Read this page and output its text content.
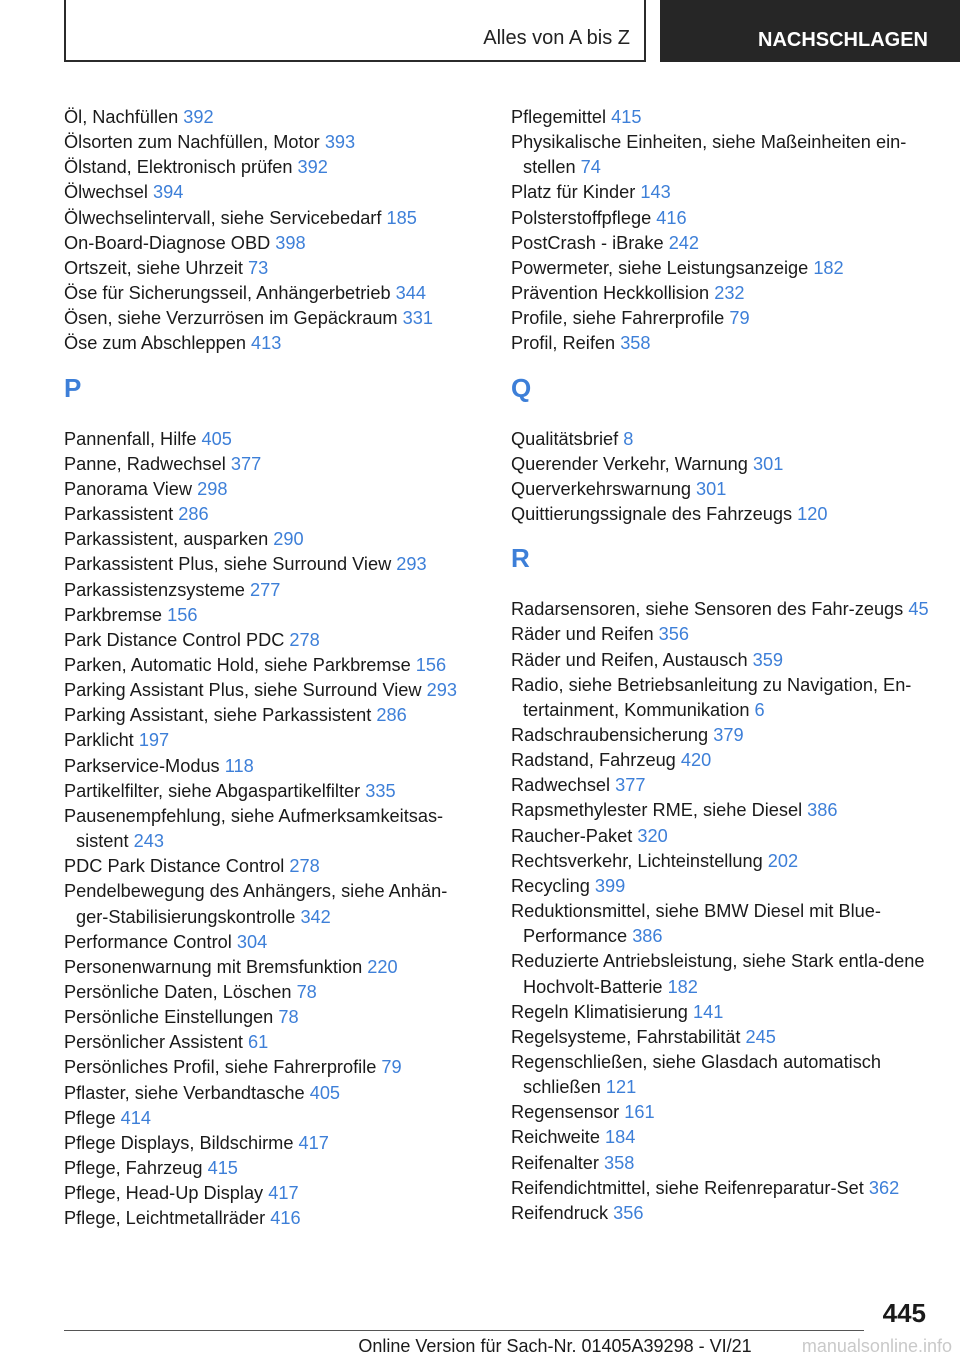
Alles von A bis Z	NACHSCHLAGEN
Öl, Nachfüllen 392
Ölsorten zum Nachfüllen, Motor 393
Ölstand, Elektronisch prüfen 392
Ölwechsel 394
Ölwechselintervall, siehe Servicebedarf 185
On-Board-Diagnose OBD 398
Ortszeit, siehe Uhrzeit 73
Öse für Sicherungsseil, Anhängerbetrieb 344
Ösen, siehe Verzurrösen im Gepäckraum 331
Öse zum Abschleppen 413
P
Pannenfall, Hilfe 405
Panne, Radwechsel 377
Panorama View 298
Parkassistent 286
Parkassistent, ausparken 290
Parkassistent Plus, siehe Surround View 293
Parkassistenzsysteme 277
Parkbremse 156
Park Distance Control PDC 278
Parken, Automatic Hold, siehe Parkbremse 156
Parking Assistant Plus, siehe Surround View 293
Parking Assistant, siehe Parkassistent 286
Parklicht 197
Parkservice-Modus 118
Partikelfilter, siehe Abgaspartikelfilter 335
Pausenempfehlung, siehe Aufmerksamkeitsas-sistent 243
PDC Park Distance Control 278
Pendelbewegung des Anhängers, siehe Anhän-ger-Stabilisierungskontrolle 342
Performance Control 304
Personenwarnung mit Bremsfunktion 220
Persönliche Daten, Löschen 78
Persönliche Einstellungen 78
Persönlicher Assistent 61
Persönliches Profil, siehe Fahrerprofile 79
Pflaster, siehe Verbandtasche 405
Pflege 414
Pflege Displays, Bildschirme 417
Pflege, Fahrzeug 415
Pflege, Head-Up Display 417
Pflege, Leichtmetallräder 416
Pflegemittel 415
Physikalische Einheiten, siehe Maßeinheiten ein-stellen 74
Platz für Kinder 143
Polsterstoffpflege 416
PostCrash - iBrake 242
Powermeter, siehe Leistungsanzeige 182
Prävention Heckkollision 232
Profile, siehe Fahrerprofile 79
Profil, Reifen 358
Q
Qualitätsbrief 8
Querender Verkehr, Warnung 301
Querverkehrswarnung 301
Quittierungssignale des Fahrzeugs 120
R
Radarsensoren, siehe Sensoren des Fahr-zeugs 45
Räder und Reifen 356
Räder und Reifen, Austausch 359
Radio, siehe Betriebsanleitung zu Navigation, En-tertainment, Kommunikation 6
Radschraubensicherung 379
Radstand, Fahrzeug 420
Radwechsel 377
Rapsmethylester RME, siehe Diesel 386
Raucher-Paket 320
Rechtsverkehr, Lichteinstellung 202
Recycling 399
Reduktionsmittel, siehe BMW Diesel mit Blue-Performance 386
Reduzierte Antriebsleistung, siehe Stark entla-dene Hochvolt-Batterie 182
Regeln Klimatisierung 141
Regelsysteme, Fahrstabilität 245
Regenschließen, siehe Glasdach automatisch schließen 121
Regensensor 161
Reichweite 184
Reifenalter 358
Reifendichtmittel, siehe Reifenreparatur-Set 362
Reifendruck 356
445
Online Version für Sach-Nr. 01405A39298 - VI/21	manualsonline.info
